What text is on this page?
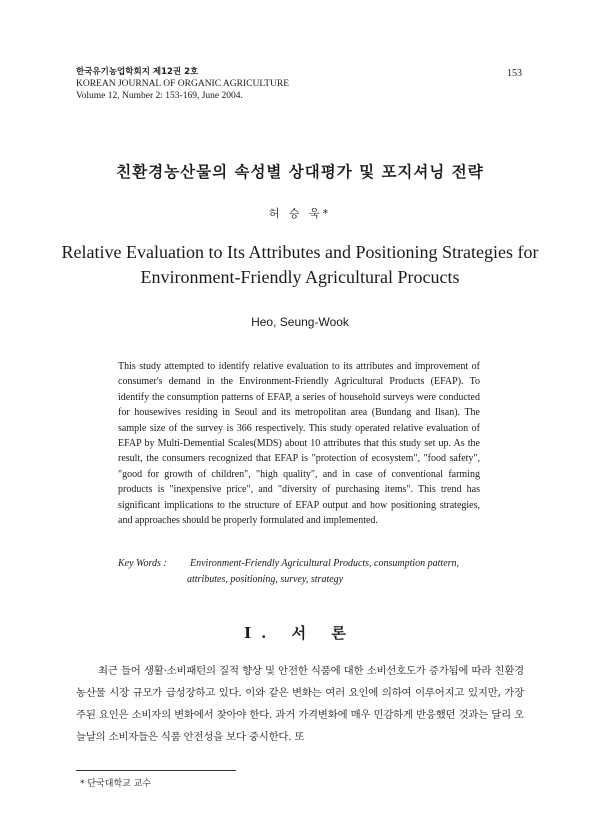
한국유기농업학회지 제12권 2호
KOREAN JOURNAL OF ORGANIC AGRICULTURE
Volume 12, Number 2: 153-169, June 2004.
153
친환경농산물의 속성별 상대평가 및 포지셔닝 전략
허 승 욱*
Relative Evaluation to Its Attributes and Positioning Strategies for
Environment-Friendly Agricultural Procucts
Heo, Seung-Wook
This study attempted to identify relative evaluation to its attributes and improvement of consumer's demand in the Environment-Friendly Agricultural Products (EFAP). To identify the consumption patterns of EFAP, a series of household surveys were conducted for housewives residing in Seoul and its metropolitan area (Bundang and Ilsan). The sample size of the survey is 366 respectively. This study operated relative evaluation of EFAP by Multi-Demential Scales(MDS) about 10 attributes that this study set up. As the result, the consumers recognized that EFAP is "protection of ecosystem", "food safety", "good for growth of children", "high quality", and in case of conventional farming products is "inexpensive price", and "diversity of purchasing items". This trend has significant implications to the structure of EFAP output and how positioning strategies, and approaches should be properly formulated and implemented.
Key Words : Environment-Friendly Agricultural Products, consumption pattern,
attributes, positioning, survey, strategy
I. 서 론
최근 들어 생활·소비패턴의 질적 향상 및 안전한 식품에 대한 소비선호도가 증가됨에 따라 친환경농산물 시장 규모가 급성장하고 있다. 이와 같은 변화는 여러 요인에 의하여 이루어지고 있지만, 가장 주된 요인은 소비자의 변화에서 찾아야 한다. 과거 가격변화에 매우 민감하게 반응했던 것과는 달리 오늘날의 소비자들은 식품 안전성을 보다 중시한다. 또
* 단국대학교 교수
